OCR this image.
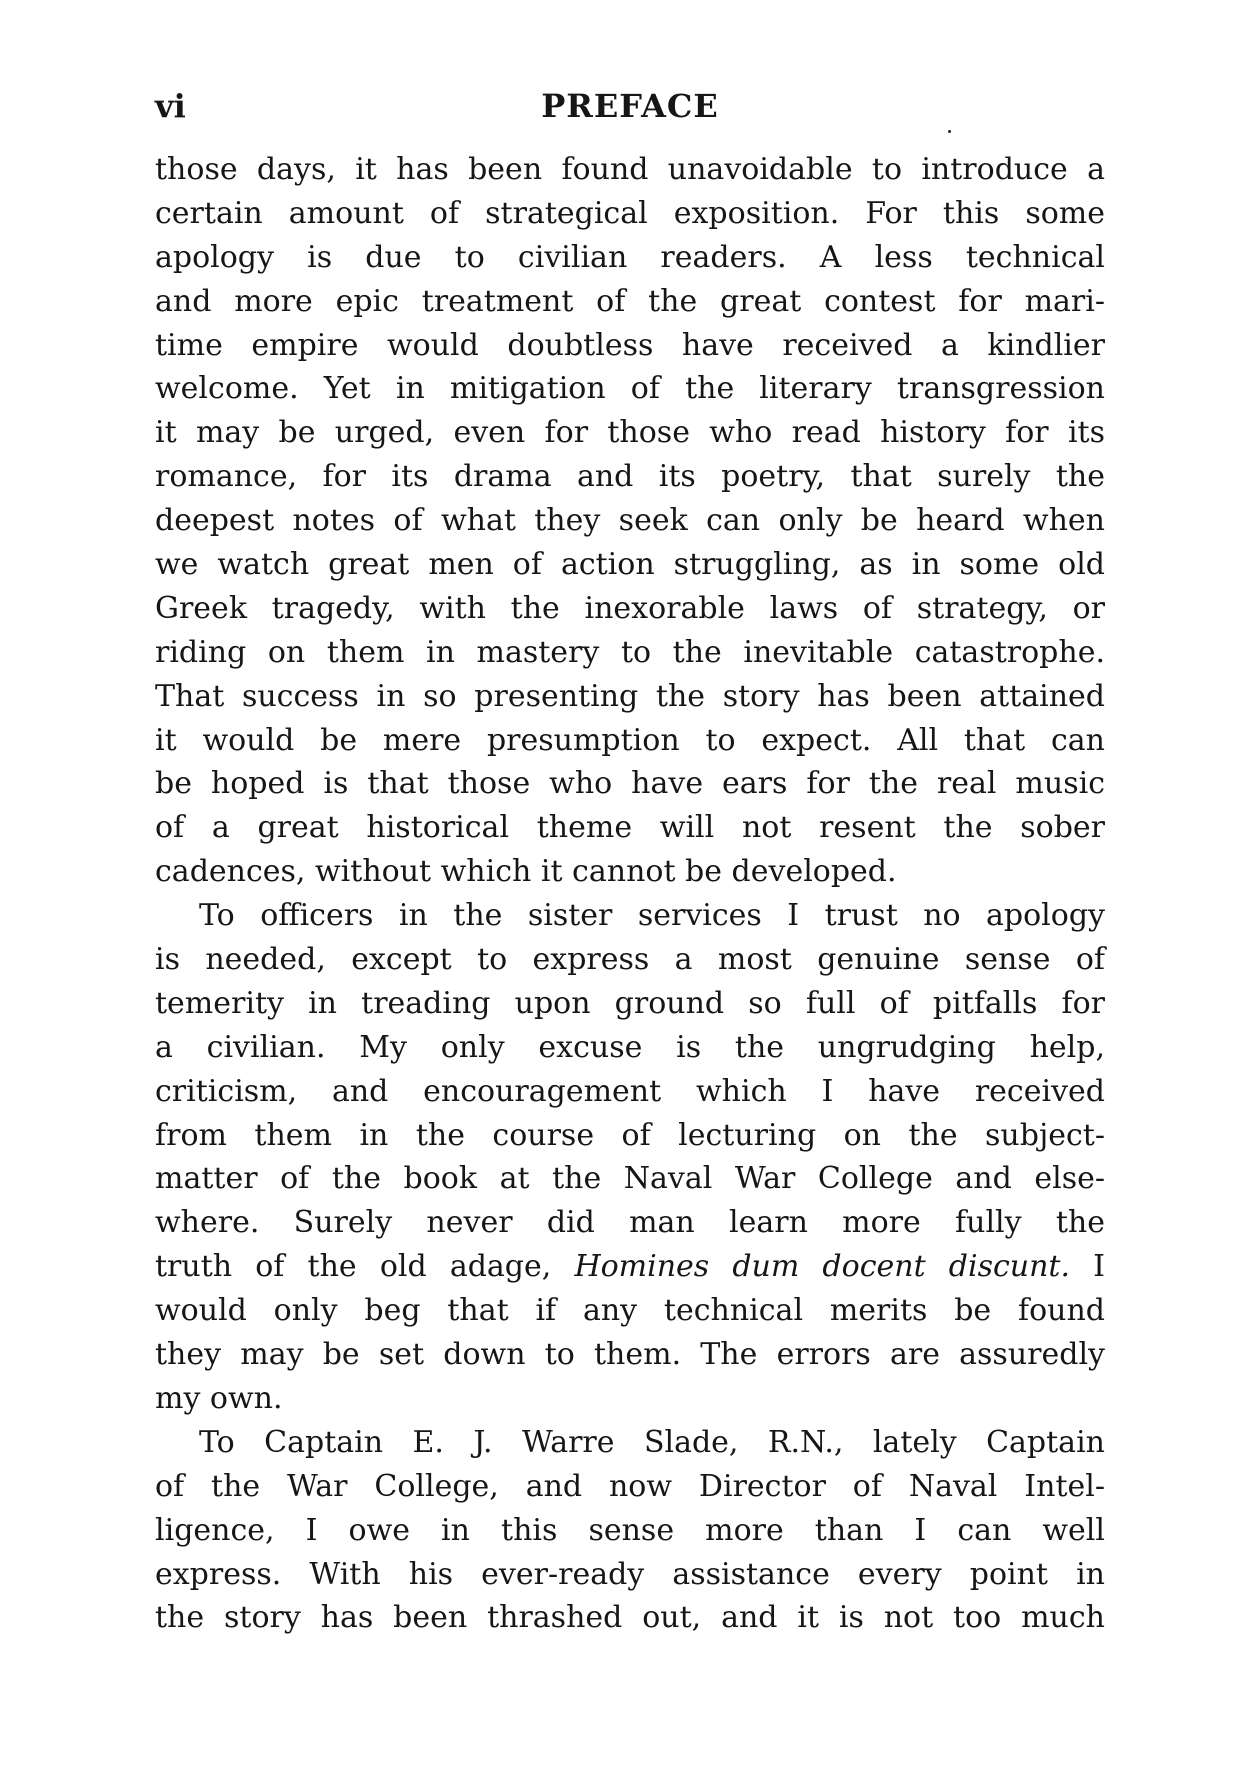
vi	PREFACE
those days, it has been found unavoidable to introduce a
certain amount of strategical exposition. For this some
apology is due to civilian readers. A less technical
and more epic treatment of the great contest for mari-
time empire would doubtless have received a kindlier
welcome. Yet in mitigation of the literary transgression
it may be urged, even for those who read history for its
romance, for its drama and its poetry, that surely the
deepest notes of what they seek can only be heard when
we watch great men of action struggling, as in some old
Greek tragedy, with the inexorable laws of strategy, or
riding on them in mastery to the inevitable catastrophe.
That success in so presenting the story has been attained
it would be mere presumption to expect. All that can
be hoped is that those who have ears for the real music
of a great historical theme will not resent the sober
cadences, without which it cannot be developed.
To officers in the sister services I trust no apology
is needed, except to express a most genuine sense of
temerity in treading upon ground so full of pitfalls for
a civilian. My only excuse is the ungrudging help,
criticism, and encouragement which I have received
from them in the course of lecturing on the subject-
matter of the book at the Naval War College and else-
where. Surely never did man learn more fully the
truth of the old adage, Homines dum docent discunt. I
would only beg that if any technical merits be found
they may be set down to them. The errors are assuredly
my own.
To Captain E. J. Warre Slade, R.N., lately Captain
of the War College, and now Director of Naval Intel-
ligence, I owe in this sense more than I can well
express. With his ever-ready assistance every point in
the story has been thrashed out, and it is not too much
